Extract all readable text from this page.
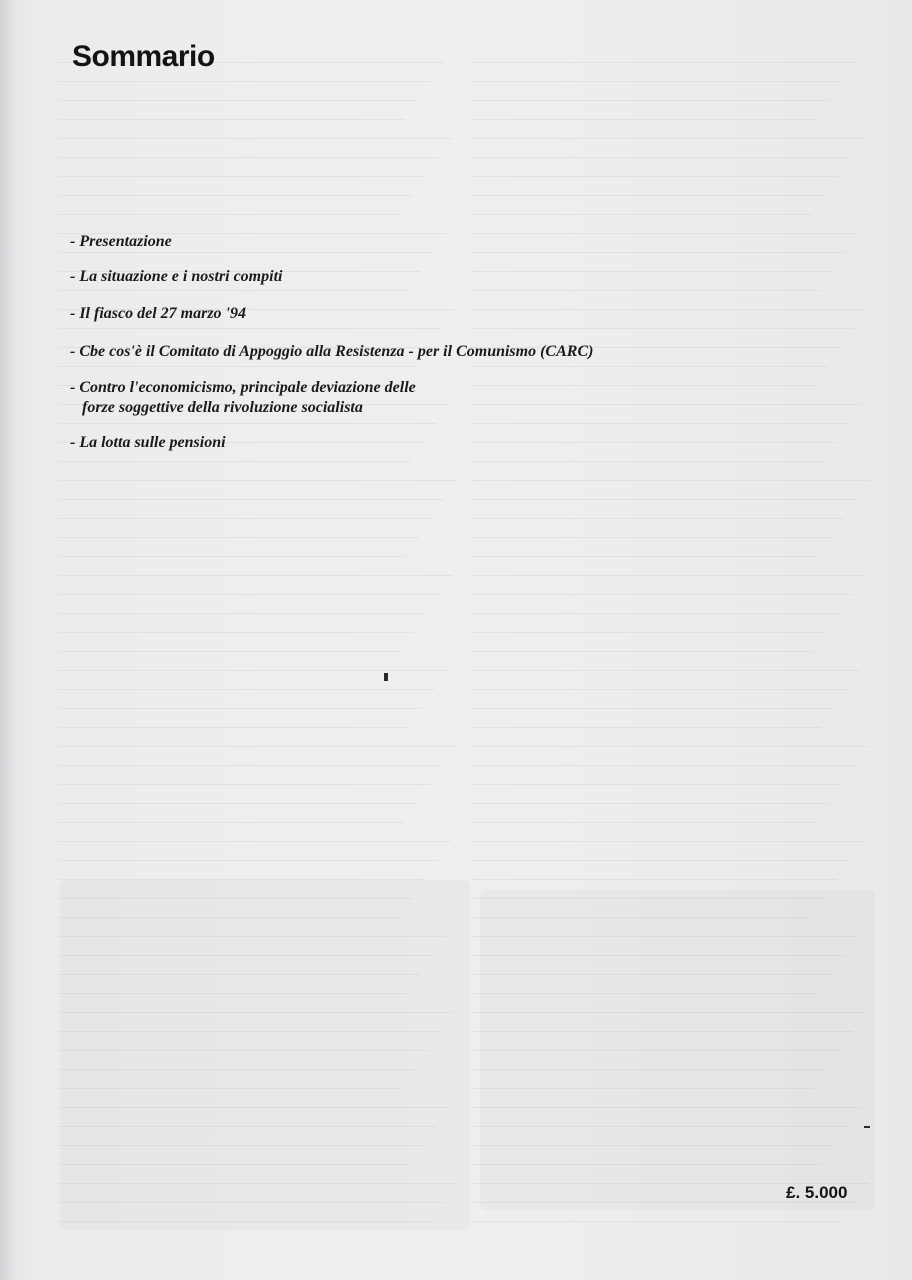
Sommario

- Presentazione

- La situazione e i nostri compiti

- Il fiasco del 27 marzo '94

- Cbe cos'è il Comitato di Appoggio alla Resistenza - per il Comunismo (CARC)

- Contro l'economicismo, principale deviazione delle
forze soggettive della rivoluzione socialista

- La lotta sulle pensioni

£. 5.000
